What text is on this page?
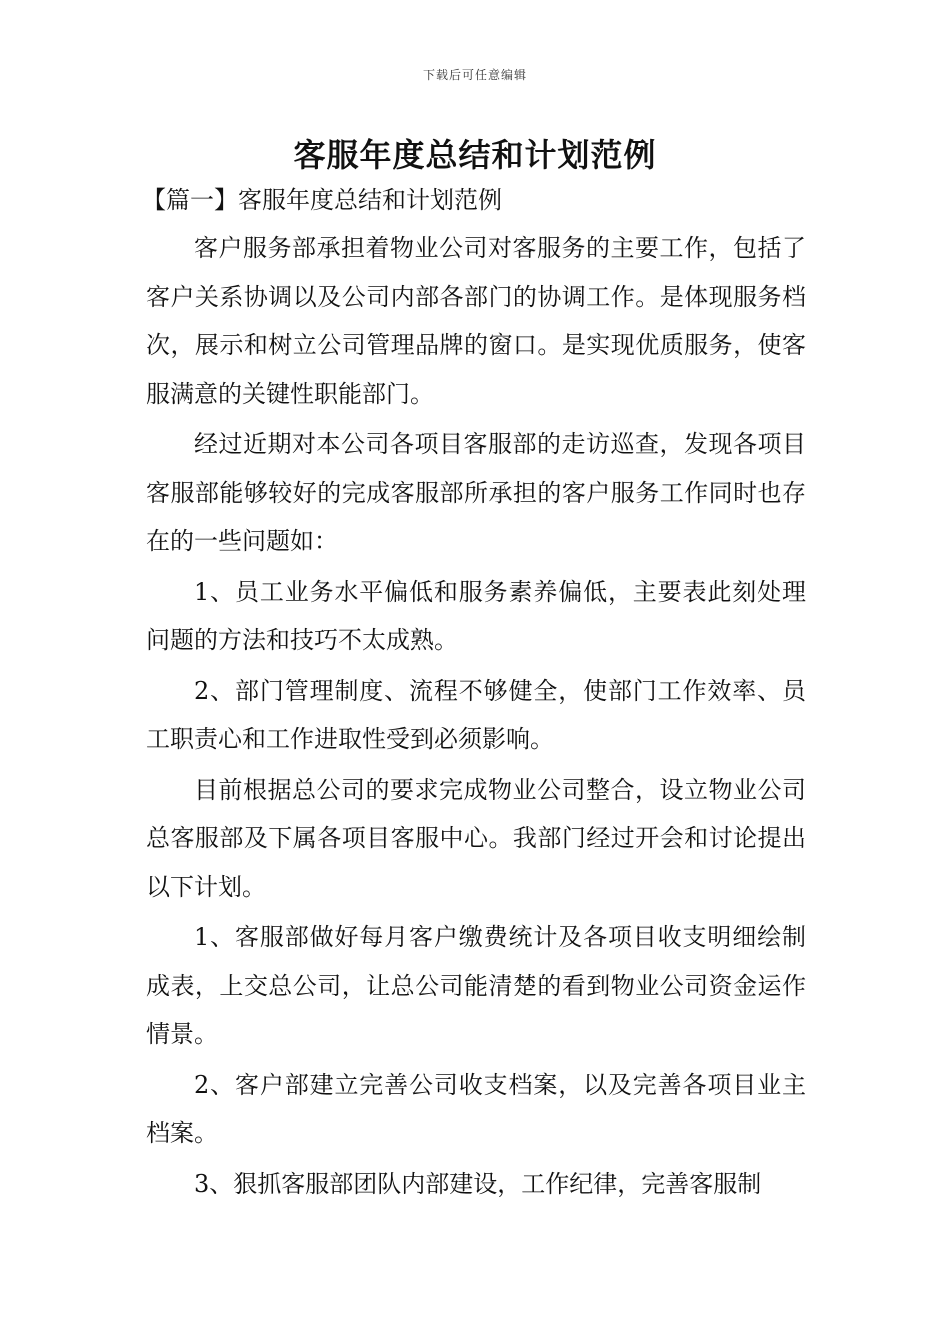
下载后可任意编辑
客服年度总结和计划范例

【篇一】客服年度总结和计划范例

客户服务部承担着物业公司对客服务的主要工作，包括了客户关系协调以及公司内部各部门的协调工作。是体现服务档次，展示和树立公司管理品牌的窗口。是实现优质服务，使客服满意的关键性职能部门。

经过近期对本公司各项目客服部的走访巡查，发现各项目客服部能够较好的完成客服部所承担的客户服务工作同时也存在的一些问题如：

1、员工业务水平偏低和服务素养偏低，主要表此刻处理问题的方法和技巧不太成熟。

2、部门管理制度、流程不够健全，使部门工作效率、员工职责心和工作进取性受到必须影响。

目前根据总公司的要求完成物业公司整合，设立物业公司总客服部及下属各项目客服中心。我部门经过开会和讨论提出以下计划。

1、客服部做好每月客户缴费统计及各项目收支明细绘制成表，上交总公司，让总公司能清楚的看到物业公司资金运作情景。

2、客户部建立完善公司收支档案，以及完善各项目业主档案。

3、狠抓客服部团队内部建设，工作纪律，完善客服制
